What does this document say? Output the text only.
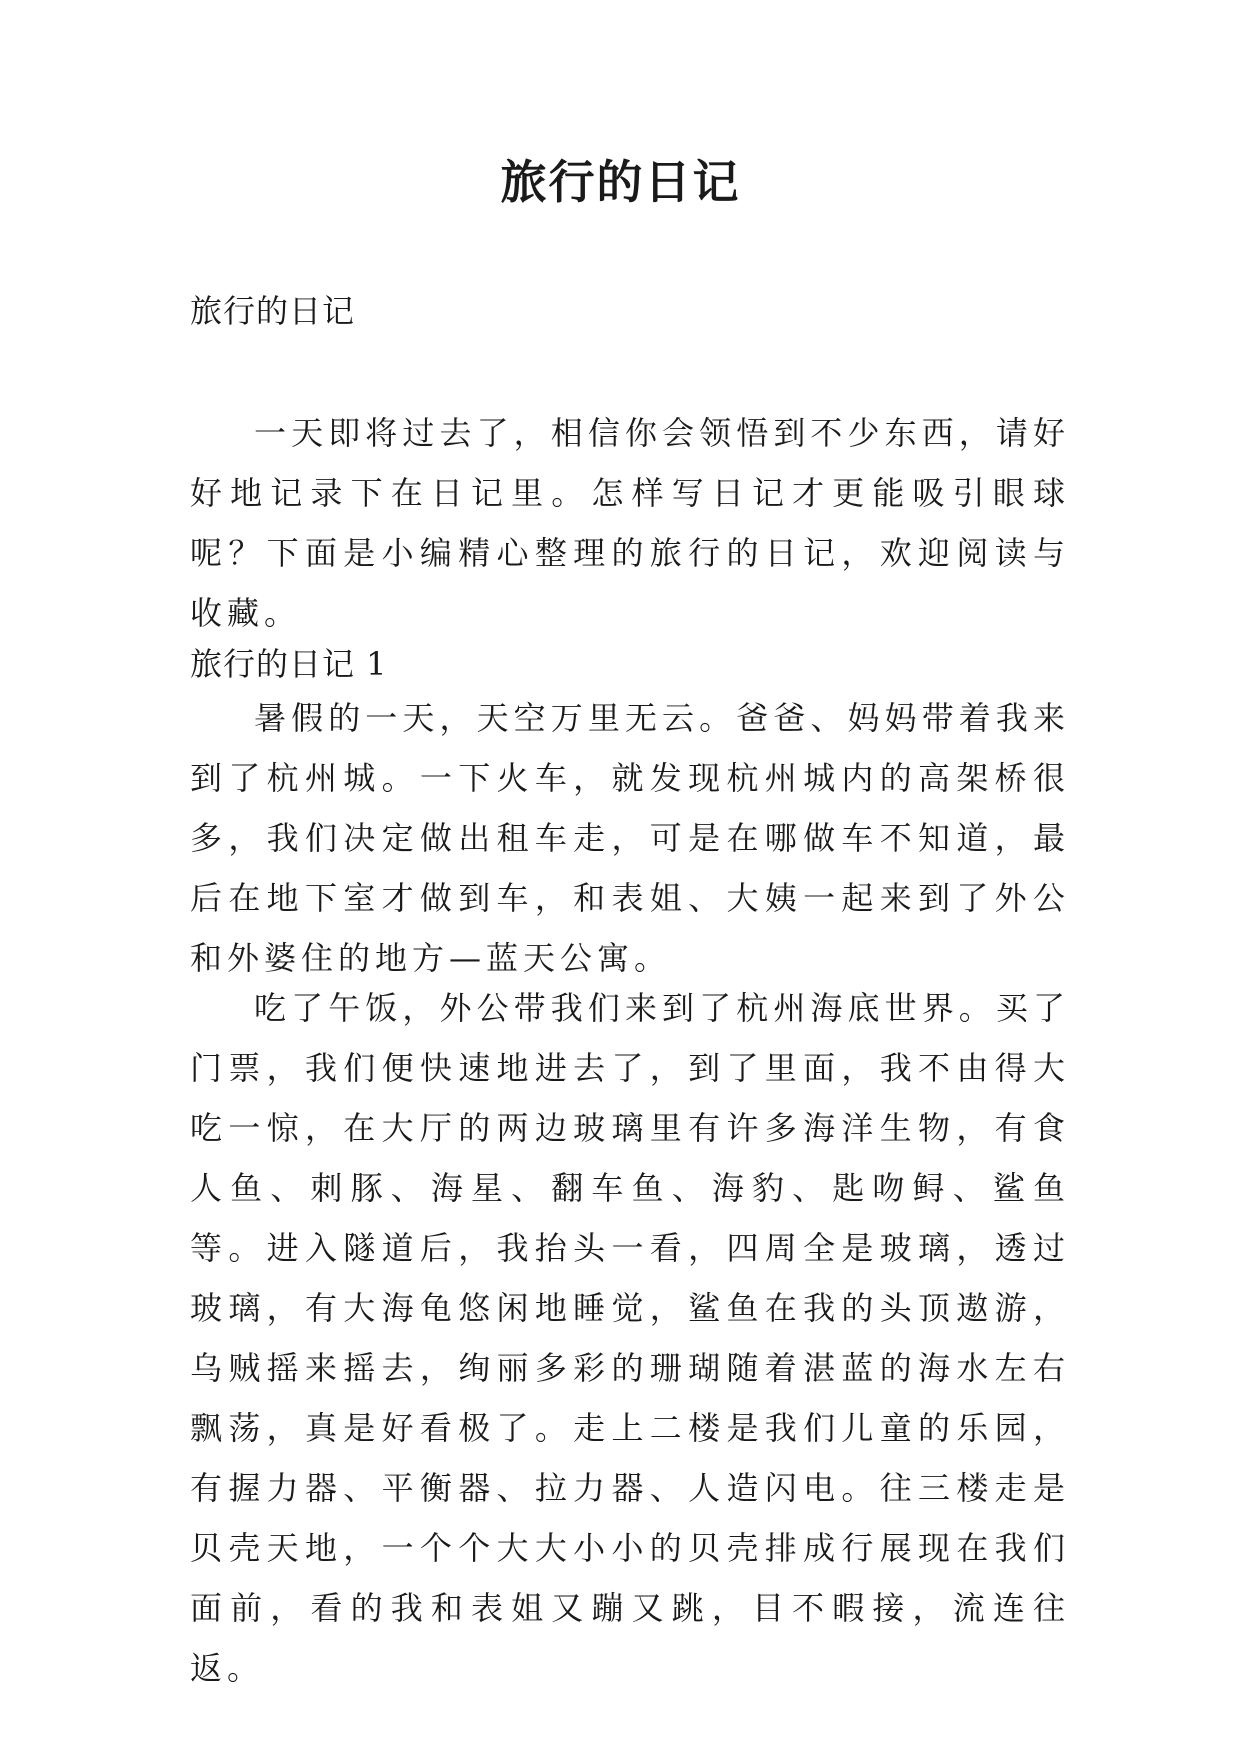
旅行的日记

旅行的日记

一天即将过去了，相信你会领悟到不少东西，请好好地记录下在日记里。怎样写日记才更能吸引眼球呢？下面是小编精心整理的旅行的日记，欢迎阅读与收藏。

旅行的日记 1

暑假的一天，天空万里无云。爸爸、妈妈带着我来到了杭州城。一下火车，就发现杭州城内的高架桥很多，我们决定做出租车走，可是在哪做车不知道，最后在地下室才做到车，和表姐、大姨一起来到了外公和外婆住的地方—蓝天公寓。

吃了午饭，外公带我们来到了杭州海底世界。买了门票，我们便快速地进去了，到了里面，我不由得大吃一惊，在大厅的两边玻璃里有许多海洋生物，有食人鱼、刺豚、海星、翻车鱼、海豹、匙吻鲟、鲨鱼等。进入隧道后，我抬头一看，四周全是玻璃，透过玻璃，有大海龟悠闲地睡觉，鲨鱼在我的头顶遨游，乌贼摇来摇去，绚丽多彩的珊瑚随着湛蓝的海水左右飘荡，真是好看极了。走上二楼是我们儿童的乐园，有握力器、平衡器、拉力器、人造闪电。往三楼走是贝壳天地，一个个大大小小的贝壳排成行展现在我们面前，看的我和表姐又蹦又跳，目不暇接，流连往返。
